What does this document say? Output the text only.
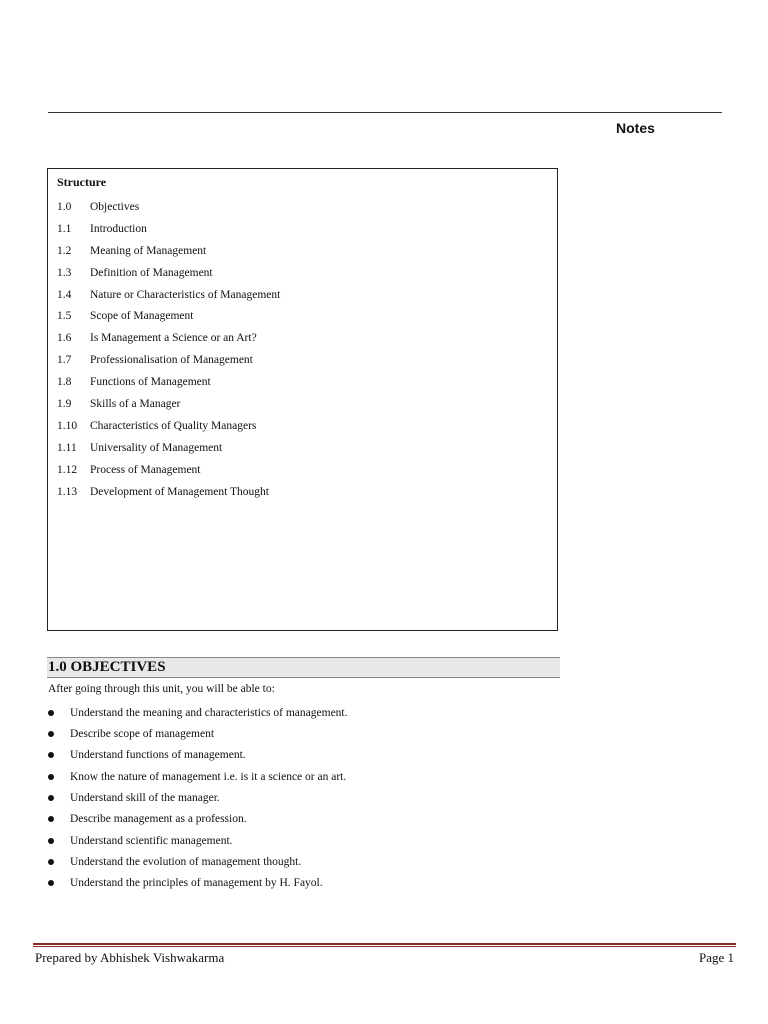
Notes
Structure
1.0	Objectives
1.1	Introduction
1.2	Meaning of Management
1.3	Definition of Management
1.4	Nature or Characteristics of Management
1.5	Scope of Management
1.6	Is Management a Science or an Art?
1.7	Professionalisation of Management
1.8	Functions of Management
1.9	Skills of a Manager
1.10	Characteristics of Quality Managers
1.11	Universality of Management
1.12	Process of Management
1.13	Development of Management Thought
1.0 OBJECTIVES
After going through this unit, you will be able to:
Understand the meaning and characteristics of management.
Describe scope of management
Understand functions of management.
Know the nature of management i.e. is it a science or an art.
Understand skill of the manager.
Describe management as a profession.
Understand scientific management.
Understand the evolution of management thought.
Understand the principles of management by H. Fayol.
Prepared by Abhishek Vishwakarma	Page 1
